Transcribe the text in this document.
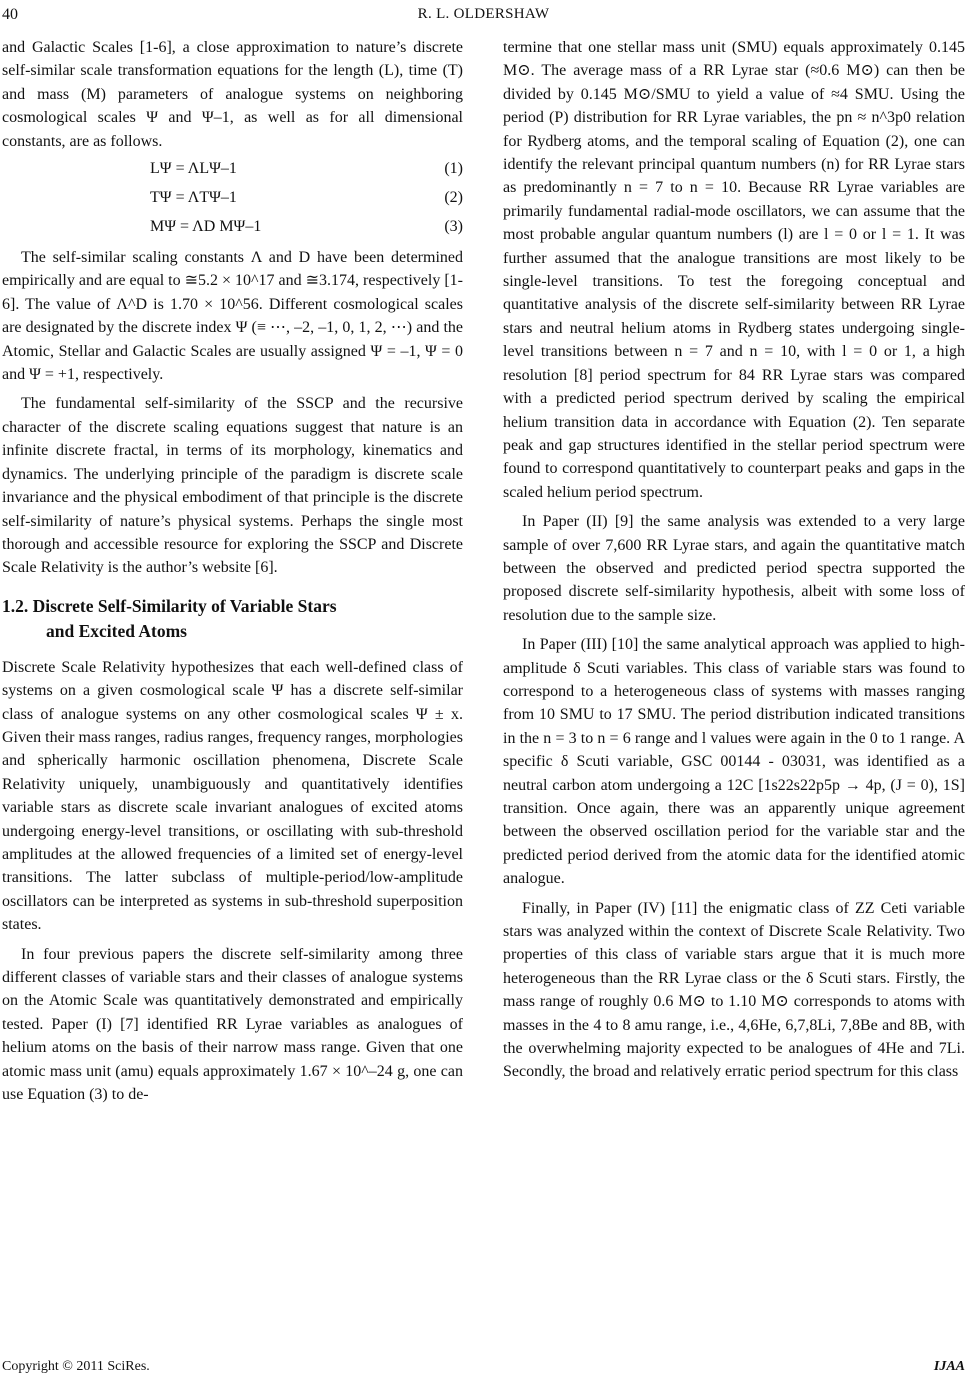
40	R. L. OLDERSHAW

and Galactic Scales [1-6], a close approximation to nature’s discrete self-similar scale transformation equations for the length (L), time (T) and mass (M) parameters of analogue systems on neighboring cosmological scales Ψ and Ψ–1, as well as for all dimensional constants, are as follows.

LΨ = ΛLΨ–1	(1)
TΨ = ΛTΨ–1	(2)
MΨ = ΛD MΨ–1	(3)

The self-similar scaling constants Λ and D have been determined empirically and are equal to ≅5.2 × 10^17 and ≅3.174, respectively [1-6]. The value of Λ^D is 1.70 × 10^56. Different cosmological scales are designated by the discrete index Ψ (≡ ⋯, –2, –1, 0, 1, 2, ⋯) and the Atomic, Stellar and Galactic Scales are usually assigned Ψ = –1, Ψ = 0 and Ψ = +1, respectively.

The fundamental self-similarity of the SSCP and the recursive character of the discrete scaling equations suggest that nature is an infinite discrete fractal, in terms of its morphology, kinematics and dynamics. The underlying principle of the paradigm is discrete scale invariance and the physical embodiment of that principle is the discrete self-similarity of nature’s physical systems. Perhaps the single most thorough and accessible resource for exploring the SSCP and Discrete Scale Relativity is the author’s website [6].

1.2. Discrete Self-Similarity of Variable Stars
and Excited Atoms

Discrete Scale Relativity hypothesizes that each well-defined class of systems on a given cosmological scale Ψ has a discrete self-similar class of analogue systems on any other cosmological scales Ψ ± x. Given their mass ranges, radius ranges, frequency ranges, morphologies and spherically harmonic oscillation phenomena, Discrete Scale Relativity uniquely, unambiguously and quantitatively identifies variable stars as discrete scale invariant analogues of excited atoms undergoing energy-level transitions, or oscillating with sub-threshold amplitudes at the allowed frequencies of a limited set of energy-level transitions. The latter subclass of multiple-period/low-amplitude oscillators can be interpreted as systems in sub-threshold superposition states.

In four previous papers the discrete self-similarity among three different classes of variable stars and their classes of analogue systems on the Atomic Scale was quantitatively demonstrated and empirically tested. Paper (I) [7] identified RR Lyrae variables as analogues of helium atoms on the basis of their narrow mass range. Given that one atomic mass unit (amu) equals approximately 1.67 × 10^–24 g, one can use Equation (3) to de-

termine that one stellar mass unit (SMU) equals approximately 0.145 M⊙. The average mass of a RR Lyrae star (≈0.6 M⊙) can then be divided by 0.145 M⊙/SMU to yield a value of ≈4 SMU. Using the period (P) distribution for RR Lyrae variables, the pn ≈ n^3p0 relation for Rydberg atoms, and the temporal scaling of Equation (2), one can identify the relevant principal quantum numbers (n) for RR Lyrae stars as predominantly n = 7 to n = 10. Because RR Lyrae variables are primarily fundamental radial-mode oscillators, we can assume that the most probable angular quantum numbers (l) are l = 0 or l = 1. It was further assumed that the analogue transitions are most likely to be single-level transitions. To test the foregoing conceptual and quantitative analysis of the discrete self-similarity between RR Lyrae stars and neutral helium atoms in Rydberg states undergoing single-level transitions between n = 7 and n = 10, with l = 0 or 1, a high resolution [8] period spectrum for 84 RR Lyrae stars was compared with a predicted period spectrum derived by scaling the empirical helium transition data in accordance with Equation (2). Ten separate peak and gap structures identified in the stellar period spectrum were found to correspond quantitatively to counterpart peaks and gaps in the scaled helium period spectrum.

In Paper (II) [9] the same analysis was extended to a very large sample of over 7,600 RR Lyrae stars, and again the quantitative match between the observed and predicted period spectra supported the proposed discrete self-similarity hypothesis, albeit with some loss of resolution due to the sample size.

In Paper (III) [10] the same analytical approach was applied to high-amplitude δ Scuti variables. This class of variable stars was found to correspond to a heterogeneous class of systems with masses ranging from 10 SMU to 17 SMU. The period distribution indicated transitions in the n = 3 to n = 6 range and l values were again in the 0 to 1 range. A specific δ Scuti variable, GSC 00144 - 03031, was identified as a neutral carbon atom undergoing a 12C [1s22s22p5p → 4p, (J = 0), 1S] transition. Once again, there was an apparently unique agreement between the observed oscillation period for the variable star and the predicted period derived from the atomic data for the identified atomic analogue.

Finally, in Paper (IV) [11] the enigmatic class of ZZ Ceti variable stars was analyzed within the context of Discrete Scale Relativity. Two properties of this class of variable stars argue that it is much more heterogeneous than the RR Lyrae class or the δ Scuti stars. Firstly, the mass range of roughly 0.6 M⊙ to 1.10 M⊙ corresponds to atoms with masses in the 4 to 8 amu range, i.e., 4,6He, 6,7,8Li, 7,8Be and 8B, with the overwhelming majority expected to be analogues of 4He and 7Li. Secondly, the broad and relatively erratic period spectrum for this class

Copyright © 2011 SciRes.	IJAA
